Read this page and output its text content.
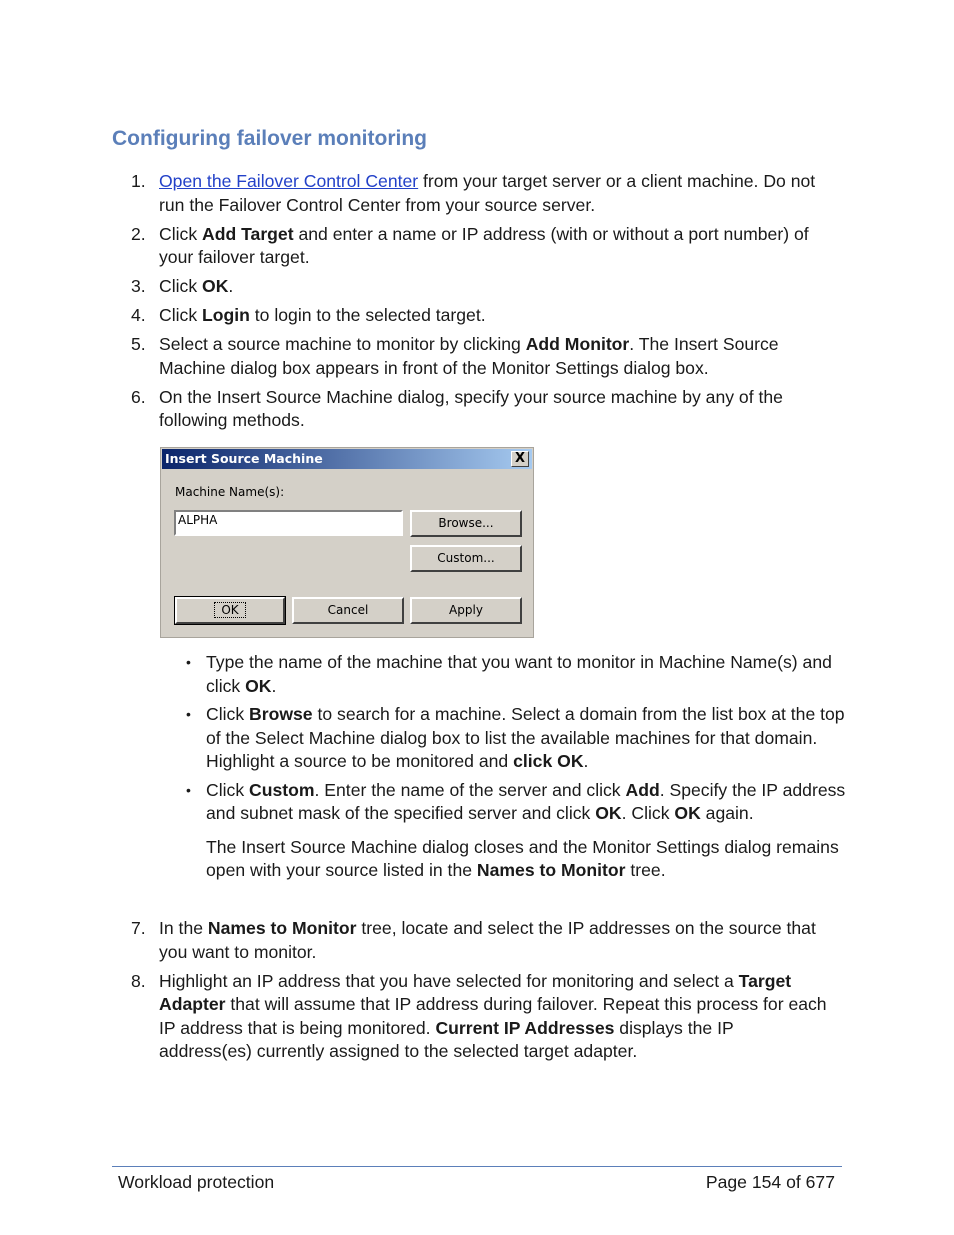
Configuring failover monitoring
1. Open the Failover Control Center from your target server or a client machine. Do not run the Failover Control Center from your source server.
2. Click Add Target and enter a name or IP address (with or without a port number) of your failover target.
3. Click OK.
4. Click Login to login to the selected target.
5. Select a source machine to monitor by clicking Add Monitor. The Insert Source Machine dialog box appears in front of the Monitor Settings dialog box.
6. On the Insert Source Machine dialog, specify your source machine by any of the following methods.
Insert Source Machine	X
Machine Name(s):
ALPHA	Browse...
Custom...
OK	Cancel	Apply
• Type the name of the machine that you want to monitor in Machine Name(s) and click OK.
• Click Browse to search for a machine. Select a domain from the list box at the top of the Select Machine dialog box to list the available machines for that domain. Highlight a source to be monitored and click OK.
• Click Custom. Enter the name of the server and click Add. Specify the IP address and subnet mask of the specified server and click OK. Click OK again.
The Insert Source Machine dialog closes and the Monitor Settings dialog remains open with your source listed in the Names to Monitor tree.
7. In the Names to Monitor tree, locate and select the IP addresses on the source that you want to monitor.
8. Highlight an IP address that you have selected for monitoring and select a Target Adapter that will assume that IP address during failover. Repeat this process for each IP address that is being monitored. Current IP Addresses displays the IP address(es) currently assigned to the selected target adapter.
Workload protection	Page 154 of 677
